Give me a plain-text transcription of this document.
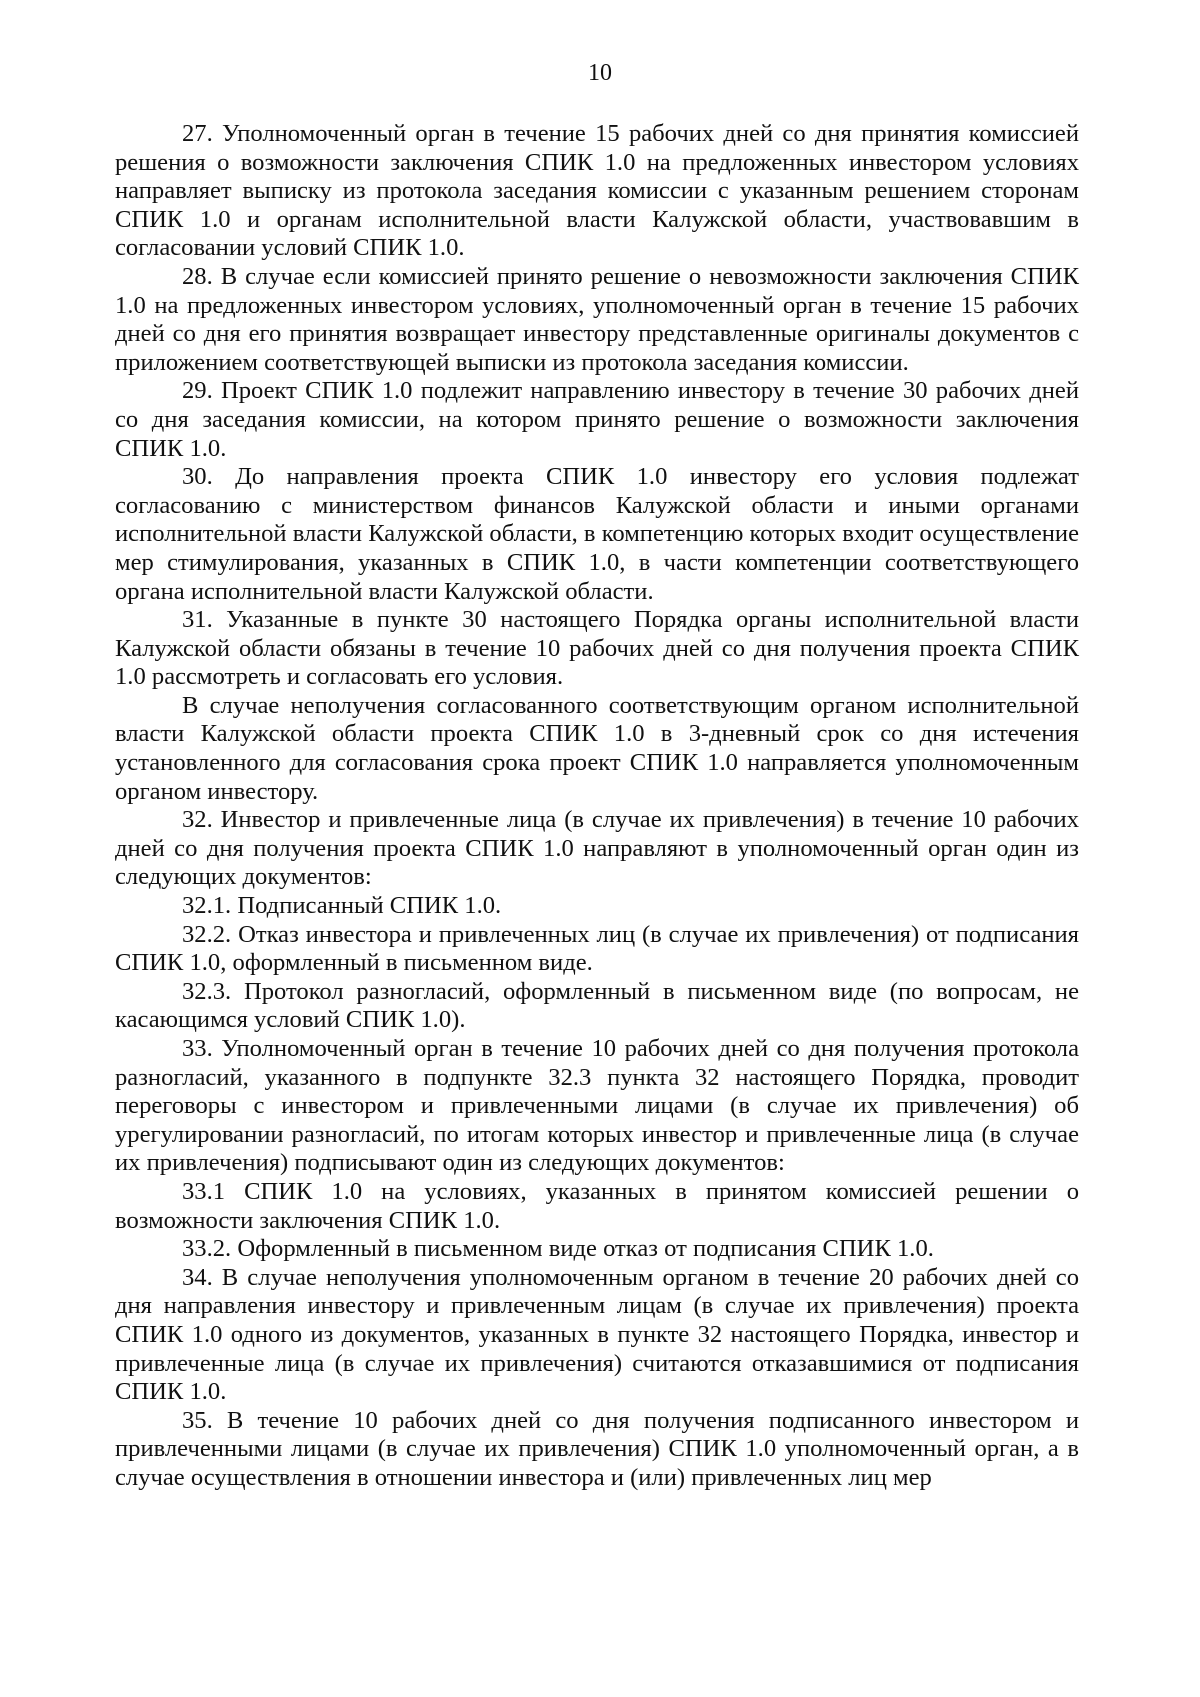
10

27. Уполномоченный орган в течение 15 рабочих дней со дня принятия комиссией решения о возможности заключения СПИК 1.0 на предложенных инвестором условиях направляет выписку из протокола заседания комиссии с указанным решением сторонам СПИК 1.0 и органам исполнительной власти Калужской области, участвовавшим в согласовании условий СПИК 1.0.

28. В случае если комиссией принято решение о невозможности заключения СПИК 1.0 на предложенных инвестором условиях, уполномоченный орган в течение 15 рабочих дней со дня его принятия возвращает инвестору представленные оригиналы документов с приложением соответствующей выписки из протокола заседания комиссии.

29. Проект СПИК 1.0 подлежит направлению инвестору в течение 30 рабочих дней со дня заседания комиссии, на котором принято решение о возможности заключения СПИК 1.0.

30. До направления проекта СПИК 1.0 инвестору его условия подлежат согласованию с министерством финансов Калужской области и иными органами исполнительной власти Калужской области, в компетенцию которых входит осуществление мер стимулирования, указанных в СПИК 1.0, в части компетенции соответствующего органа исполнительной власти Калужской области.

31. Указанные в пункте 30 настоящего Порядка органы исполнительной власти Калужской области обязаны в течение 10 рабочих дней со дня получения проекта СПИК 1.0 рассмотреть и согласовать его условия.

В случае неполучения согласованного соответствующим органом исполнительной власти Калужской области проекта СПИК 1.0 в 3-дневный срок со дня истечения установленного для согласования срока проект СПИК 1.0 направляется уполномоченным органом инвестору.

32. Инвестор и привлеченные лица (в случае их привлечения) в течение 10 рабочих дней со дня получения проекта СПИК 1.0 направляют в уполномоченный орган один из следующих документов:

32.1. Подписанный СПИК 1.0.

32.2. Отказ инвестора и привлеченных лиц (в случае их привлечения) от подписания СПИК 1.0, оформленный в письменном виде.

32.3. Протокол разногласий, оформленный в письменном виде (по вопросам, не касающимся условий СПИК 1.0).

33. Уполномоченный орган в течение 10 рабочих дней со дня получения протокола разногласий, указанного в подпункте 32.3 пункта 32 настоящего Порядка, проводит переговоры с инвестором и привлеченными лицами (в случае их привлечения) об урегулировании разногласий, по итогам которых инвестор и привлеченные лица (в случае их привлечения) подписывают один из следующих документов:

33.1 СПИК 1.0 на условиях, указанных в принятом комиссией решении о возможности заключения СПИК 1.0.

33.2. Оформленный в письменном виде отказ от подписания СПИК 1.0.

34. В случае неполучения уполномоченным органом в течение 20 рабочих дней со дня направления инвестору и привлеченным лицам (в случае их привлечения) проекта СПИК 1.0 одного из документов, указанных в пункте 32 настоящего Порядка, инвестор и привлеченные лица (в случае их привлечения) считаются отказавшимися от подписания СПИК 1.0.

35. В течение 10 рабочих дней со дня получения подписанного инвестором и привлеченными лицами (в случае их привлечения) СПИК 1.0 уполномоченный орган, а в случае осуществления в отношении инвестора и (или) привлеченных лиц мер
